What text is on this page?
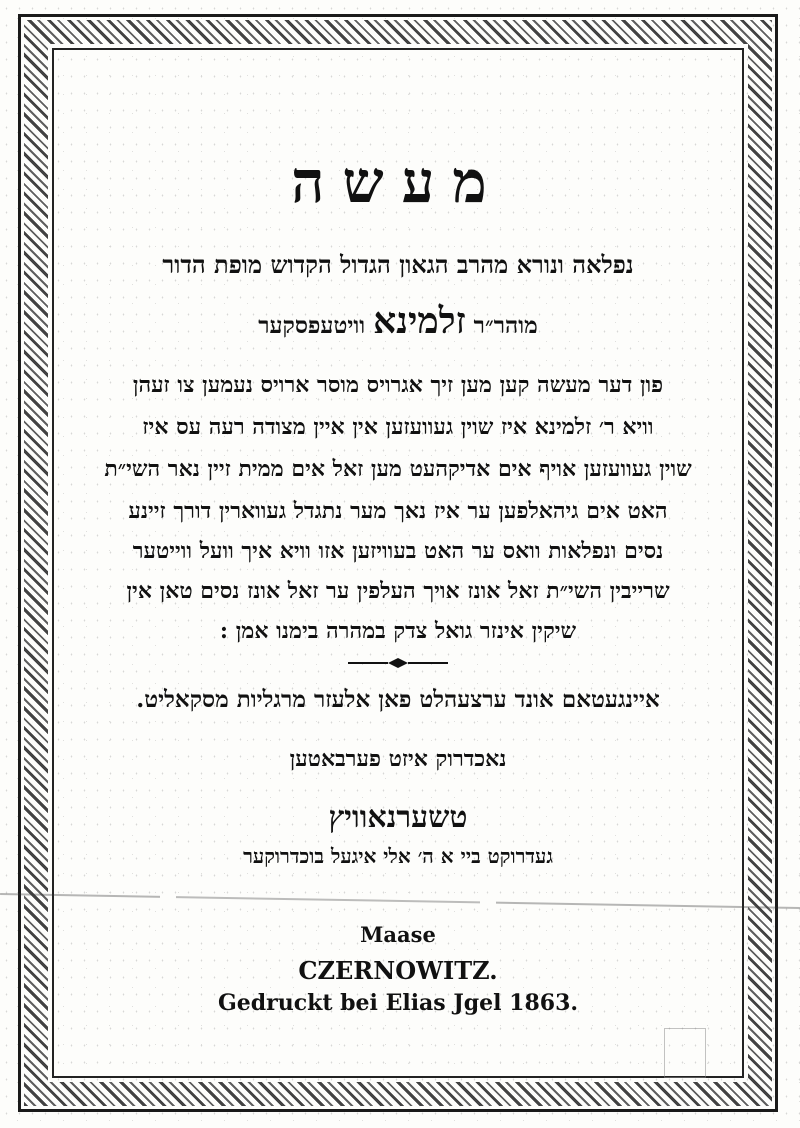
מעשה
נפלאה ונורא מהרב הגאון הגדול הקדוש מופת הדור
מוהר״ר זלמינא וויטעפסקער
פון דער מעשה קען מען זיך אגרויס מוסר ארויס נעמען צו זעהן
וויא ר׳ זלמינא איז שוין געוועזען אין איין מצודה רעה עס איז
שוין געוועזען אויף אים אדיקהעט מען זאל אים ממית זיין נאר השי״ת
האט אים גיהאלפען ער איז נאך מער נתגדל געווארין דורך זיינע
נסים ונפלאות וואס ער האט בעוויזען אזו וויא איך וועל ווייטער
שרייבין השי״ת זאל אונז אויך העלפין ער זאל אונז נסים טאן אין
שיקין אינזר גואל צדק במהרה בימנו אמן :
איינגעטאם אונד ערצעהלט פאן אלעזר מרגליות מסקאליט.
נאכדרוק איזט פערבאטען
טשערנאוויץ
געדרוקט ביי א ה׳ אלי איגעל בוכדרוקער
Maase
CZERNOWITZ.
Gedruckt bei Elias Jgel 1863.
